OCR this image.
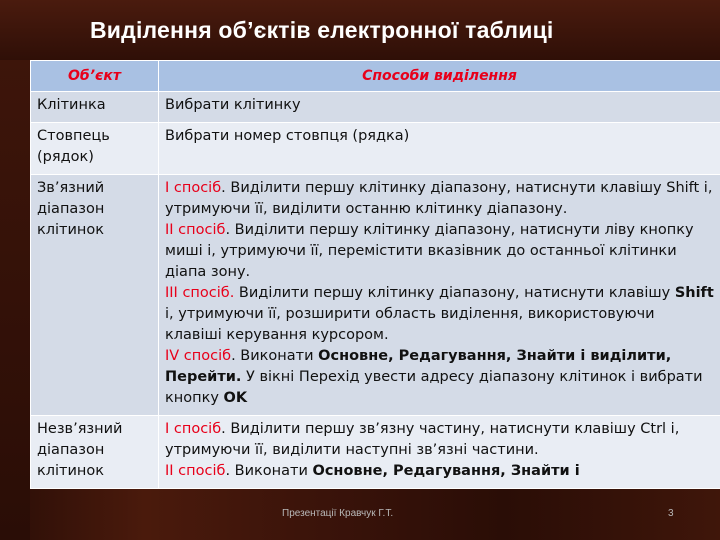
Виділення об’єктів електронної таблиці
Об’єкт	Способи виділення
Клітинка	Вибрати клітинку
Стовпець (рядок)	Вибрати номер стовпця (рядка)
Зв’язний діапазон клітинок	І спосіб. Виділити першу клітинку діапазону, натиснути клавішу Shift і, утримуючи її, виділити останню клітинку діапазону.
ІІ спосіб. Виділити першу клітинку діапазону, натиснути ліву кнопку миші і, утримуючи її, перемістити вказівник до останньої клітинки діапа зону.
ІІІ спосіб. Виділити першу клітинку діапазону, натиснути клавішу Shift і, утримуючи її, розширити область виділення, використовуючи клавіші керування курсором.
ІV спосіб. Виконати Основне, Редагування, Знайти і виділити, Перейти. У вікні Перехід увести адресу діапазону клітинок і вибрати кнопку OK
Незв’язний діапазон клітинок	І спосіб. Виділити першу зв’язну частину, натиснути клавішу Ctrl і, утримуючи її, виділити наступні зв’язні частини.
ІІ спосіб. Виконати Основне, Редагування, Знайти і
Презентації Кравчук Г.Т.	3
